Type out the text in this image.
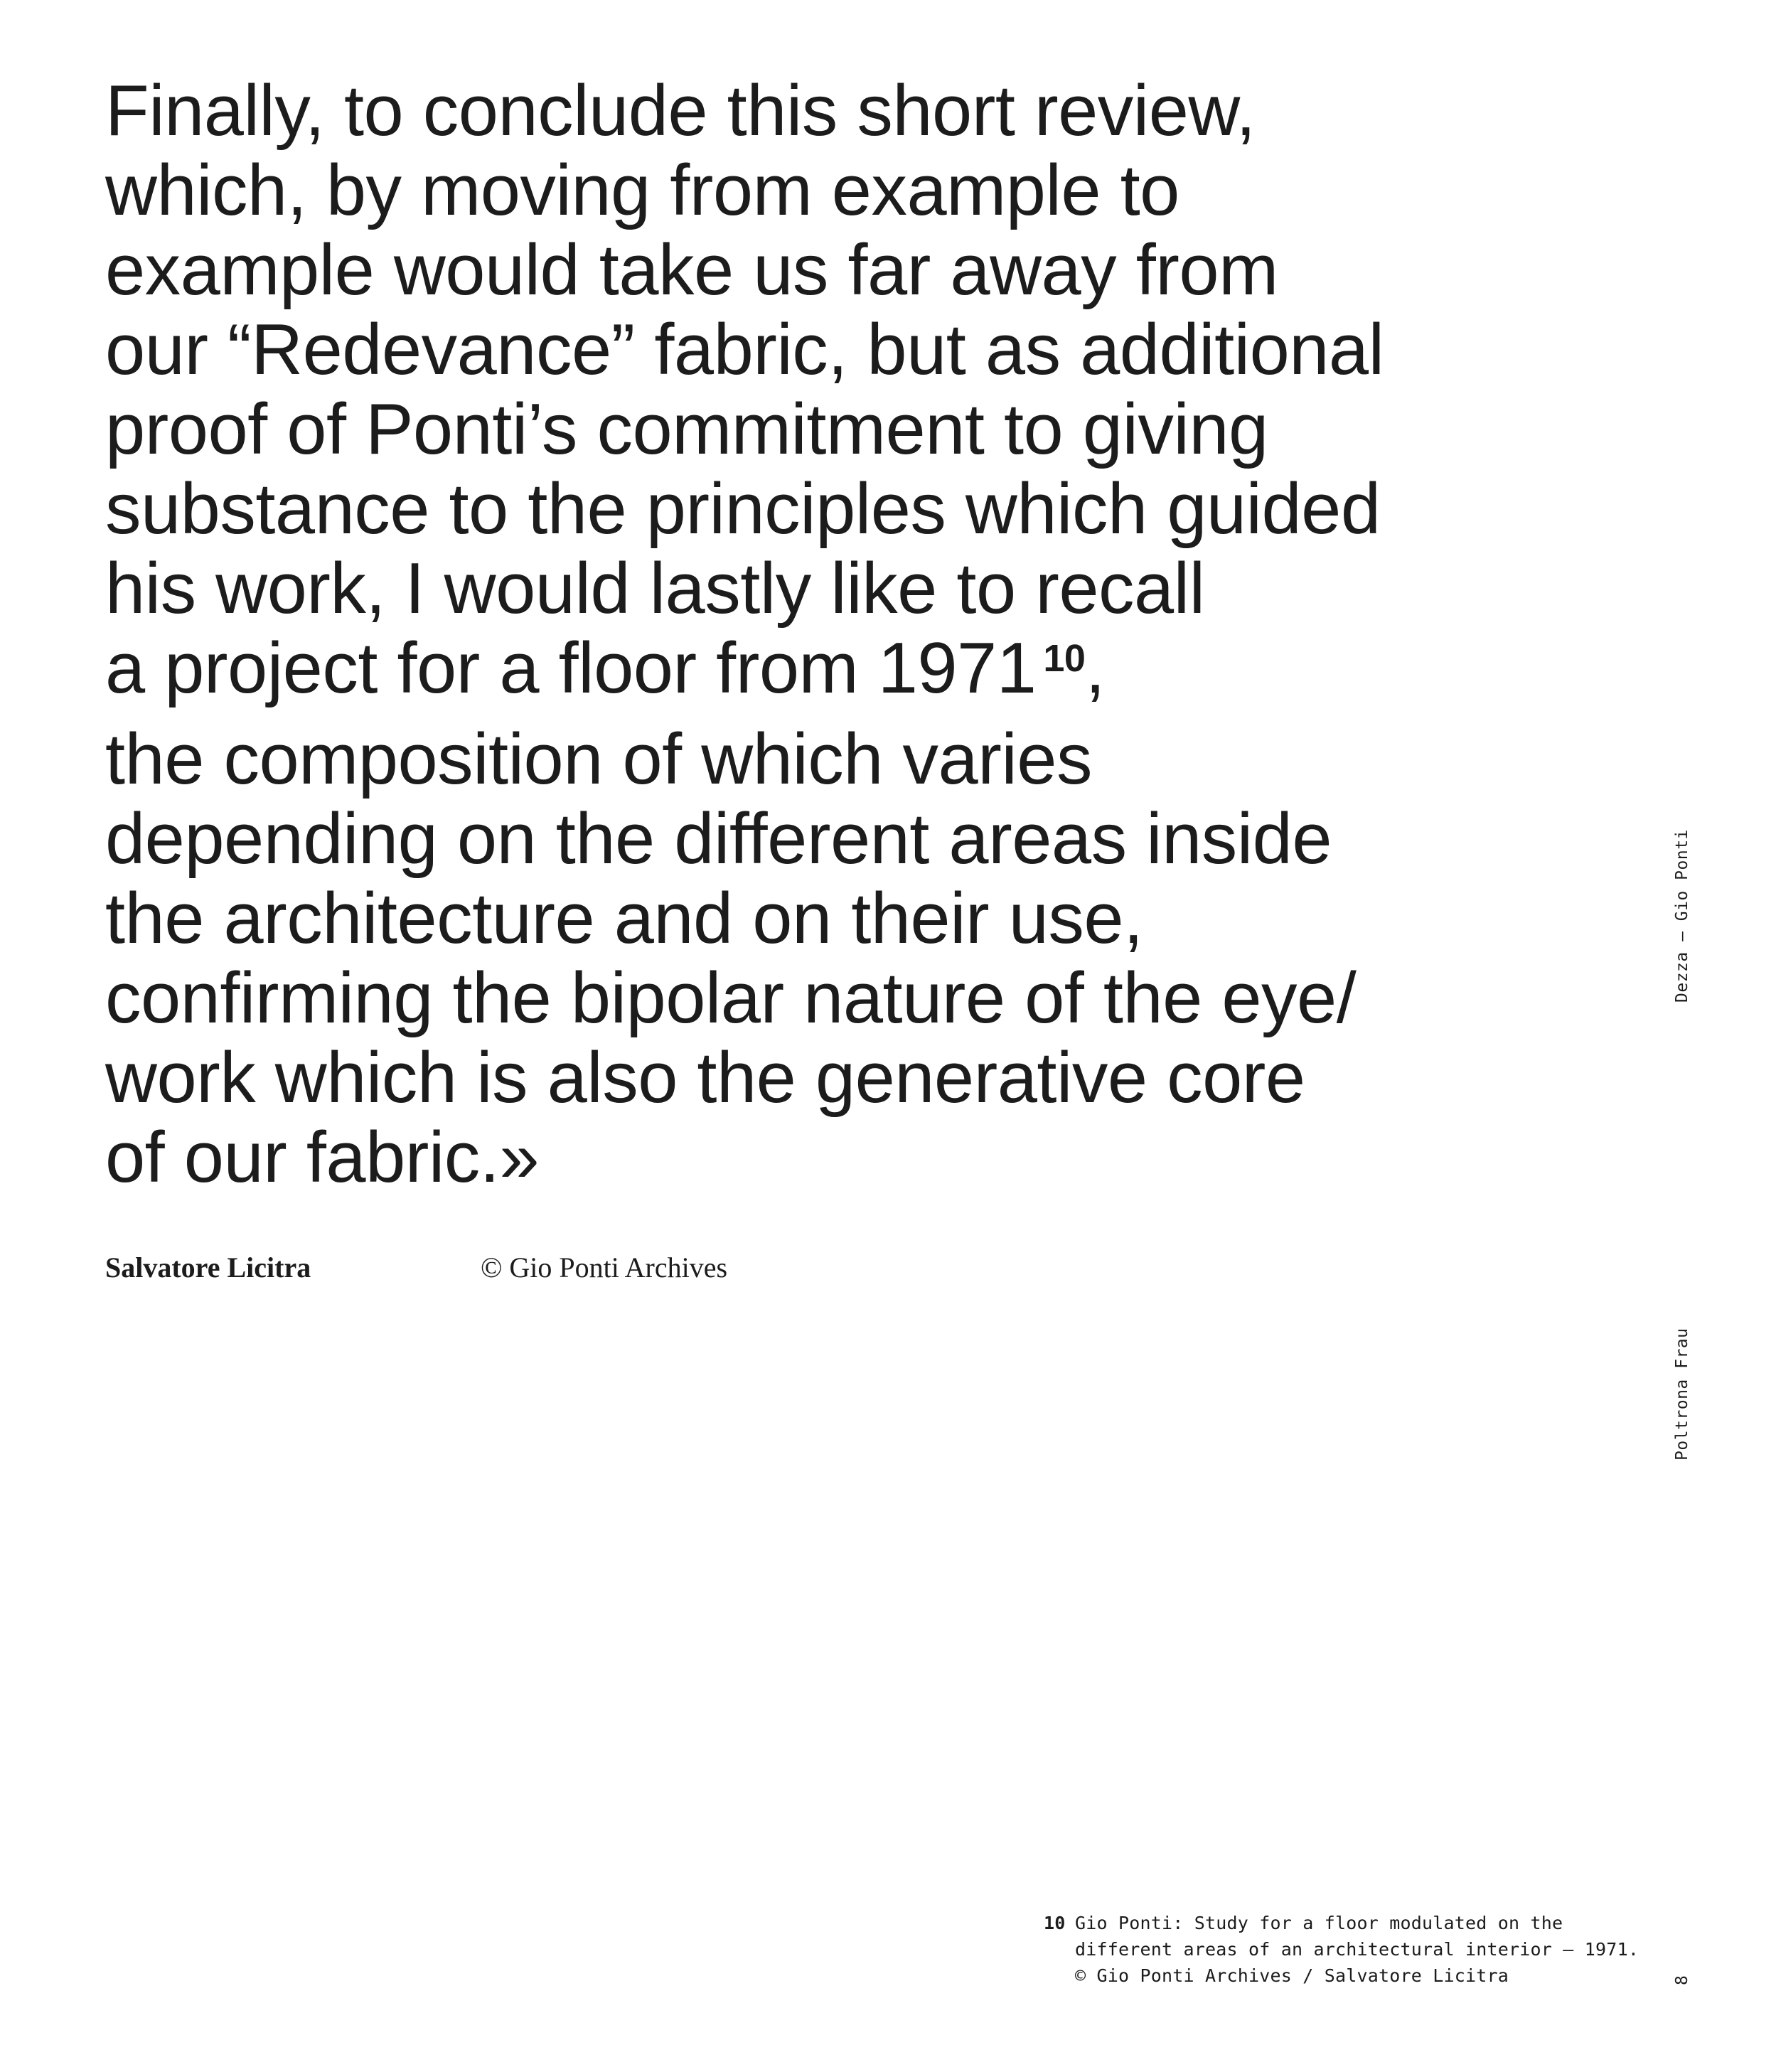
Finally, to conclude this short review,
which, by moving from example to
example would take us far away from
our “Redevance” fabric, but as additional
proof of Ponti’s commitment to giving
substance to the principles which guided
his work, I would lastly like to recall
a project for a floor from 1971 $^{10}$,
the composition of which varies
depending on the different areas inside
the architecture and on their use,
confirming the bipolar nature of the eye/
work which is also the generative core
of our fabric.»
Salvatore Licitra	© Gio Ponti Archives
10 Gio Ponti: Study for a floor modulated on the
different areas of an architectural interior – 1971.
© Gio Ponti Archives / Salvatore Licitra
Dezza — Gio Ponti
Poltrona Frau
8
